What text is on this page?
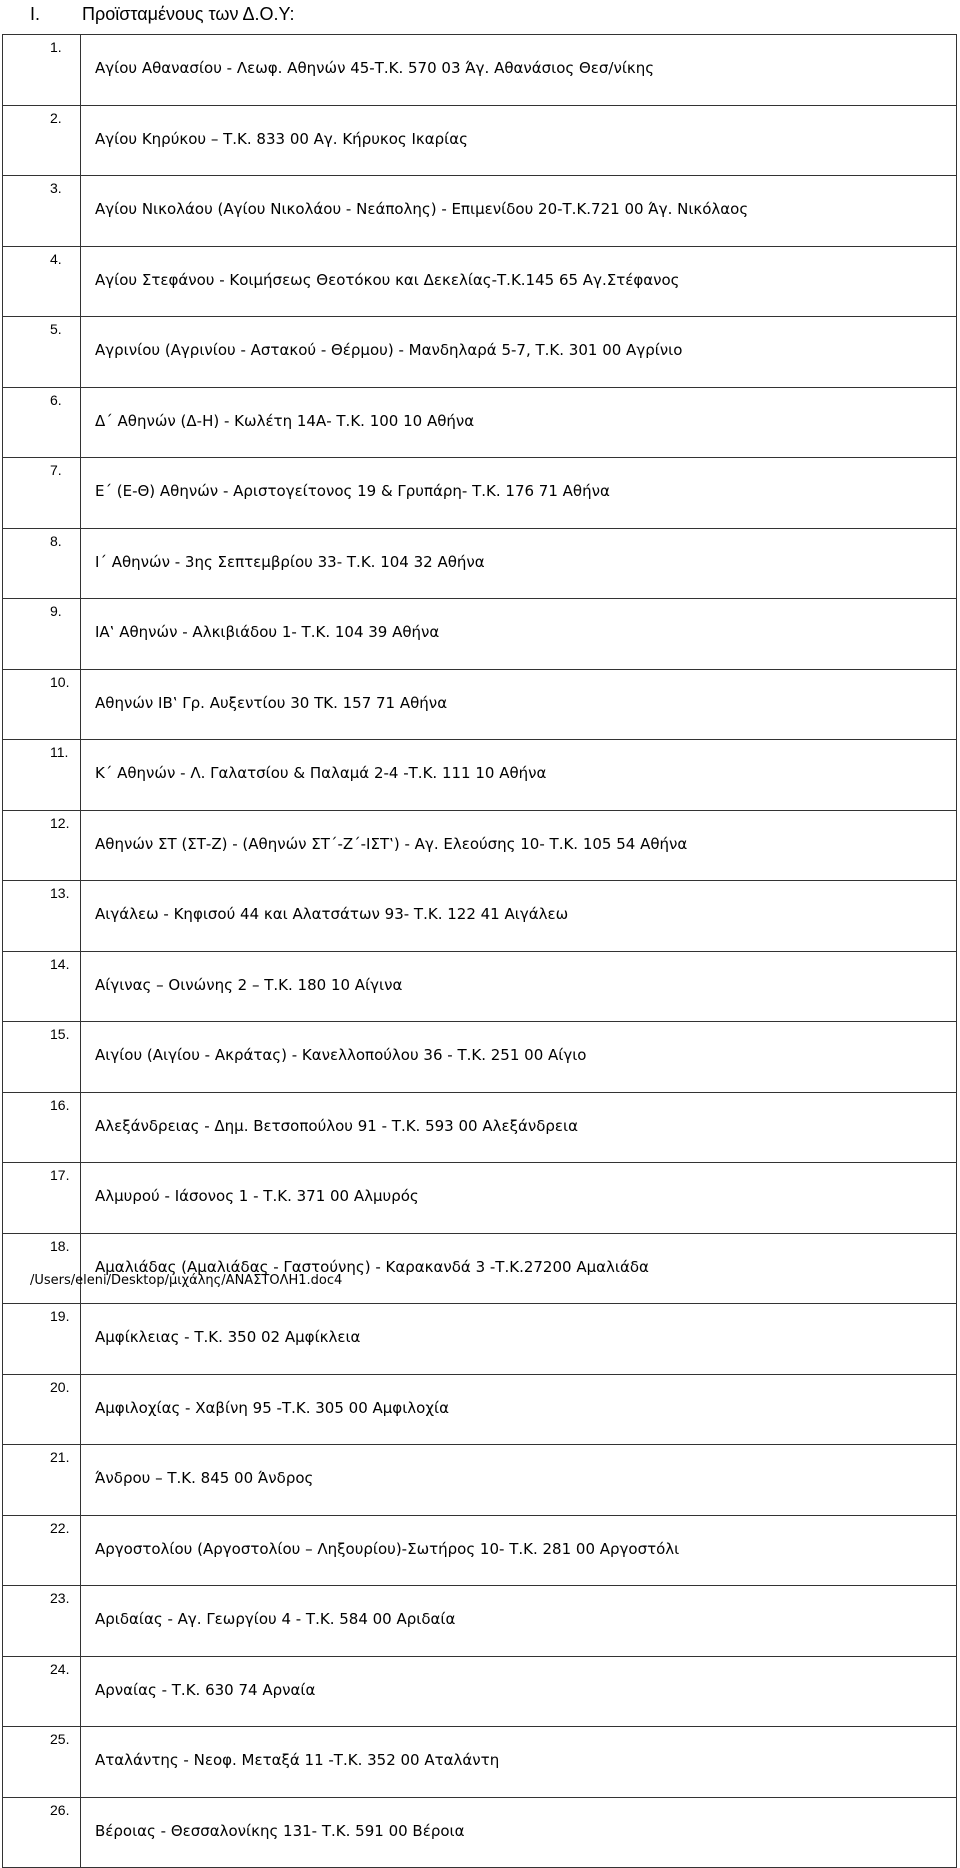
I. Προϊσταμένους των Δ.Ο.Υ:
1.	Αγίου Αθανασίου - Λεωφ. Αθηνών 45-Τ.Κ. 570 03 Άγ. Αθανάσιος Θεσ/νίκης
2.	Αγίου Κηρύκου – Τ.Κ. 833 00 Αγ. Κήρυκος Ικαρίας
3.	Αγίου Νικολάου (Αγίου Νικολάου - Νεάπολης) - Επιμενίδου 20-Τ.Κ.721 00 Άγ. Νικόλαος
4.	Αγίου Στεφάνου - Κοιμήσεως Θεοτόκου και Δεκελίας-Τ.Κ.145 65 Αγ.Στέφανος
5.	Αγρινίου (Αγρινίου - Αστακού - Θέρμου) - Μανδηλαρά 5-7, Τ.Κ. 301 00 Αγρίνιο
6.	Δ΄ Αθηνών (Δ-Η) - Κωλέτη 14Α- Τ.Κ. 100 10 Αθήνα
7.	Ε΄ (Ε-Θ) Αθηνών - Αριστογείτονος 19 & Γρυπάρη- Τ.Κ. 176 71 Αθήνα
8.	Ι΄ Αθηνών - 3ης Σεπτεμβρίου 33- Τ.Κ. 104 32 Αθήνα
9.	ΙΑ‛ Αθηνών - Αλκιβιάδου 1- Τ.Κ. 104 39 Αθήνα
10.	Αθηνών ΙΒ‛ Γρ. Αυξεντίου 30 ΤΚ. 157 71 Αθήνα
11.	Κ΄ Αθηνών - Λ. Γαλατσίου & Παλαμά 2-4 -Τ.Κ. 111 10 Αθήνα
12.	Αθηνών ΣΤ (ΣΤ-Ζ) - (Αθηνών ΣΤ΄-Ζ΄-ΙΣΤ‛) - Αγ. Ελεούσης 10- Τ.Κ. 105 54 Αθήνα
13.	Αιγάλεω - Κηφισού 44 και Αλατσάτων 93- Τ.Κ. 122 41 Αιγάλεω
14.	Αίγινας – Οινώνης 2 – Τ.Κ. 180 10 Αίγινα
15.	Αιγίου (Αιγίου - Ακράτας) - Κανελλοπούλου 36 - Τ.Κ. 251 00 Αίγιο
16.	Αλεξάνδρειας - Δημ. Βετσοπούλου 91 - Τ.Κ. 593 00 Αλεξάνδρεια
17.	Αλμυρού - Ιάσονος 1 - Τ.Κ. 371 00 Αλμυρός
18.	Αμαλιάδας (Αμαλιάδας - Γαστούνης) - Καρακανδά 3 -Τ.Κ.27200 Αμαλιάδα
19.	Αμφίκλειας - Τ.Κ. 350 02 Αμφίκλεια
20.	Αμφιλοχίας - Χαβίνη 95 -Τ.Κ. 305 00 Αμφιλοχία
21.	Άνδρου – Τ.Κ. 845 00 Άνδρος
22.	Αργοστολίου (Αργοστολίου – Ληξουρίου)-Σωτήρος 10- Τ.Κ. 281 00 Αργοστόλι
23.	Αριδαίας - Αγ. Γεωργίου 4 - Τ.Κ. 584 00 Αριδαία
24.	Αρναίας - Τ.Κ. 630 74 Αρναία
25.	Αταλάντης - Νεοφ. Μεταξά 11 -Τ.Κ. 352 00 Αταλάντη
26.	Βέροιας - Θεσσαλονίκης 131- Τ.Κ. 591 00 Βέροια
/Users/eleni/Desktop/μιχάλης/ΑΝΑΣΤΟΛΗ1.doc4
